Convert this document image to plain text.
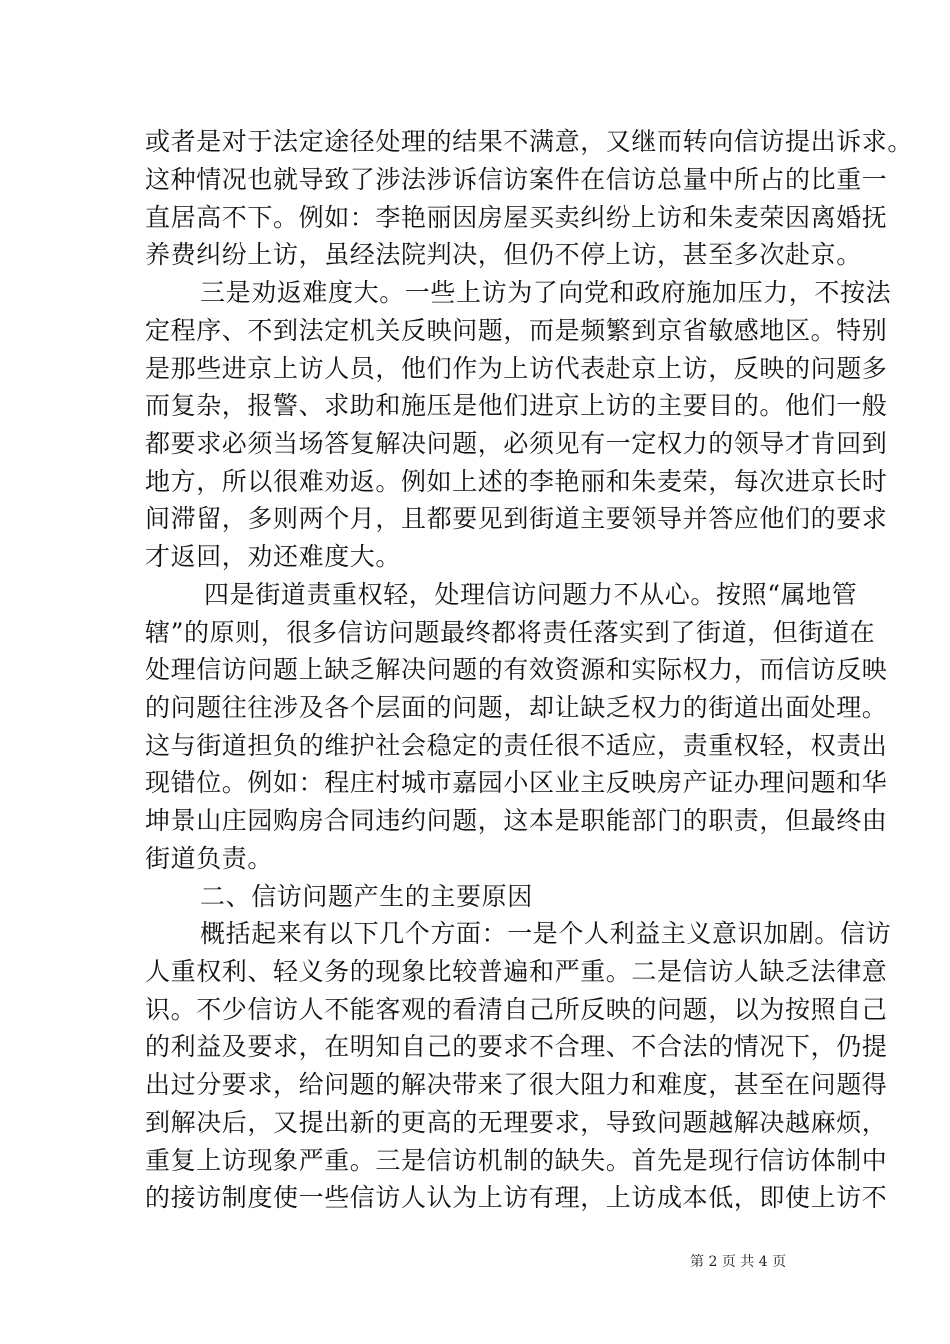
或者是对于法定途径处理的结果不满意，又继而转向信访提出诉求。
这种情况也就导致了涉法涉诉信访案件在信访总量中所占的比重一
直居高不下。例如：李艳丽因房屋买卖纠纷上访和朱麦荣因离婚抚
养费纠纷上访，虽经法院判决，但仍不停上访，甚至多次赴京。
三是劝返难度大。一些上访为了向党和政府施加压力，不按法
定程序、不到法定机关反映问题，而是频繁到京省敏感地区。特别
是那些进京上访人员，他们作为上访代表赴京上访，反映的问题多
而复杂，报警、求助和施压是他们进京上访的主要目的。他们一般
都要求必须当场答复解决问题，必须见有一定权力的领导才肯回到
地方，所以很难劝返。例如上述的李艳丽和朱麦荣，每次进京长时
间滞留，多则两个月，且都要见到街道主要领导并答应他们的要求
才返回，劝还难度大。
四是街道责重权轻，处理信访问题力不从心。按照“属地管
辖”的原则，很多信访问题最终都将责任落实到了街道，但街道在
处理信访问题上缺乏解决问题的有效资源和实际权力，而信访反映
的问题往往涉及各个层面的问题，却让缺乏权力的街道出面处理。
这与街道担负的维护社会稳定的责任很不适应，责重权轻，权责出
现错位。例如：程庄村城市嘉园小区业主反映房产证办理问题和华
坤景山庄园购房合同违约问题，这本是职能部门的职责，但最终由
街道负责。
二、信访问题产生的主要原因
概括起来有以下几个方面：一是个人利益主义意识加剧。信访
人重权利、轻义务的现象比较普遍和严重。二是信访人缺乏法律意
识。不少信访人不能客观的看清自己所反映的问题，以为按照自己
的利益及要求，在明知自己的要求不合理、不合法的情况下，仍提
出过分要求，给问题的解决带来了很大阻力和难度，甚至在问题得
到解决后，又提出新的更高的无理要求，导致问题越解决越麻烦，
重复上访现象严重。三是信访机制的缺失。首先是现行信访体制中
的接访制度使一些信访人认为上访有理，上访成本低，即使上访不
第 2 页 共 4 页
